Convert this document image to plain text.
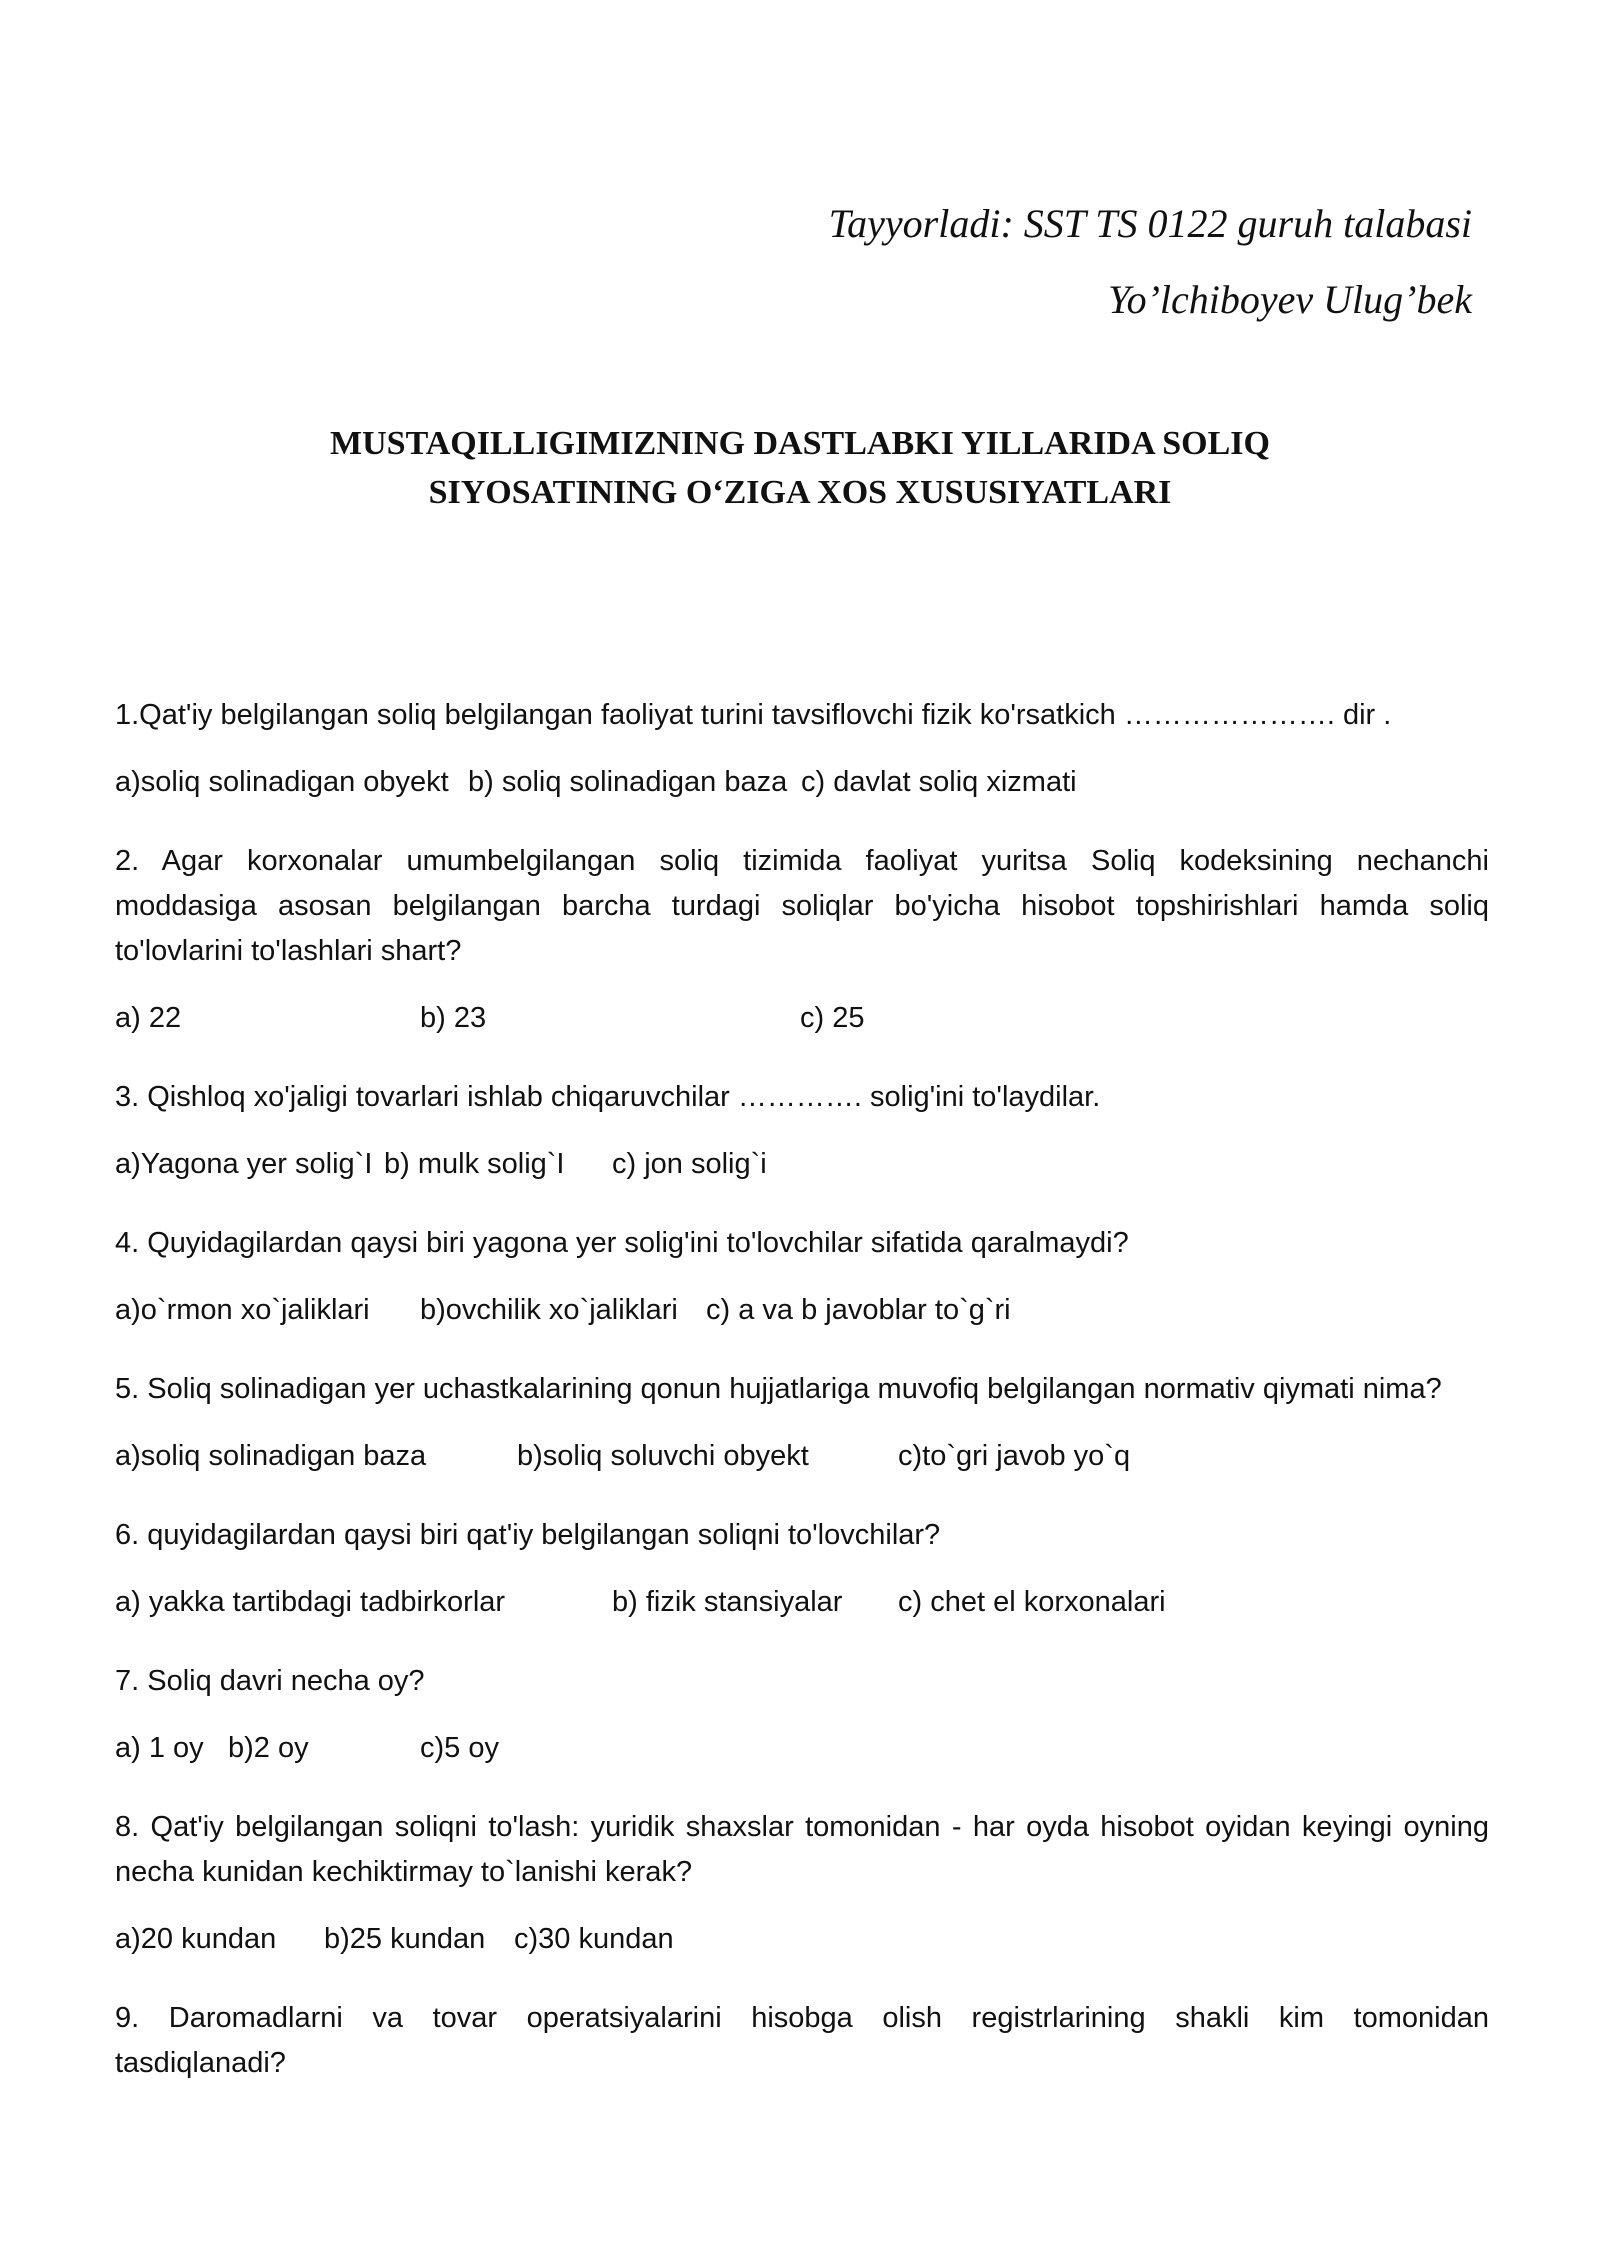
Tayyorladi: SST TS 0122 guruh talabasi
Yo’lchiboyev Ulug’bek
MUSTAQILLIGIMIZNING DASTLABKI YILLARIDA SOLIQ
SIYOSATINING O‘ZIGA XOS XUSUSIYATLARI
1.Qat'iy belgilangan soliq belgilangan faoliyat turini tavsiflovchi fizik ko'rsatkich …………………. dir .
a)soliq solinadigan obyekt b) soliq solinadigan baza c) davlat soliq xizmati
2. Agar korxonalar umumbelgilangan soliq tizimida faoliyat yuritsa Soliq kodeksining nechanchi
moddasiga asosan belgilangan barcha turdagi soliqlar bo'yicha hisobot topshirishlari hamda soliq
to'lovlarini to'lashlari shart?
a) 22	b) 23	c) 25
3. Qishloq xo'jaligi tovarlari ishlab chiqaruvchilar …………. solig'ini to'laydilar.
a)Yagona yer solig`I b) mulk solig`I c) jon solig`i
4. Quyidagilardan qaysi biri yagona yer solig'ini to'lovchilar sifatida qaralmaydi?
a)o`rmon xo`jaliklari b)ovchilik xo`jaliklari c) a va b javoblar to`g`ri
5. Soliq solinadigan yer uchastkalarining qonun hujjatlariga muvofiq belgilangan normativ qiymati nima?
a)soliq solinadigan baza	b)soliq soluvchi obyekt	c)to`gri javob yo`q
6. quyidagilardan qaysi biri qat'iy belgilangan soliqni to'lovchilar?
a) yakka tartibdagi tadbirkorlar	b) fizik stansiyalar c) chet el korxonalari
7. Soliq davri necha oy?
a) 1 oy b)2 oy	c)5 oy
8. Qat'iy belgilangan soliqni to'lash: yuridik shaxslar tomonidan - har oyda hisobot oyidan keyingi oyning
necha kunidan kechiktirmay to`lanishi kerak?
a)20 kundan b)25 kundan c)30 kundan
9. Daromadlarni va tovar operatsiyalarini hisobga olish registrlarining shakli kim tomonidan
tasdiqlanadi?
